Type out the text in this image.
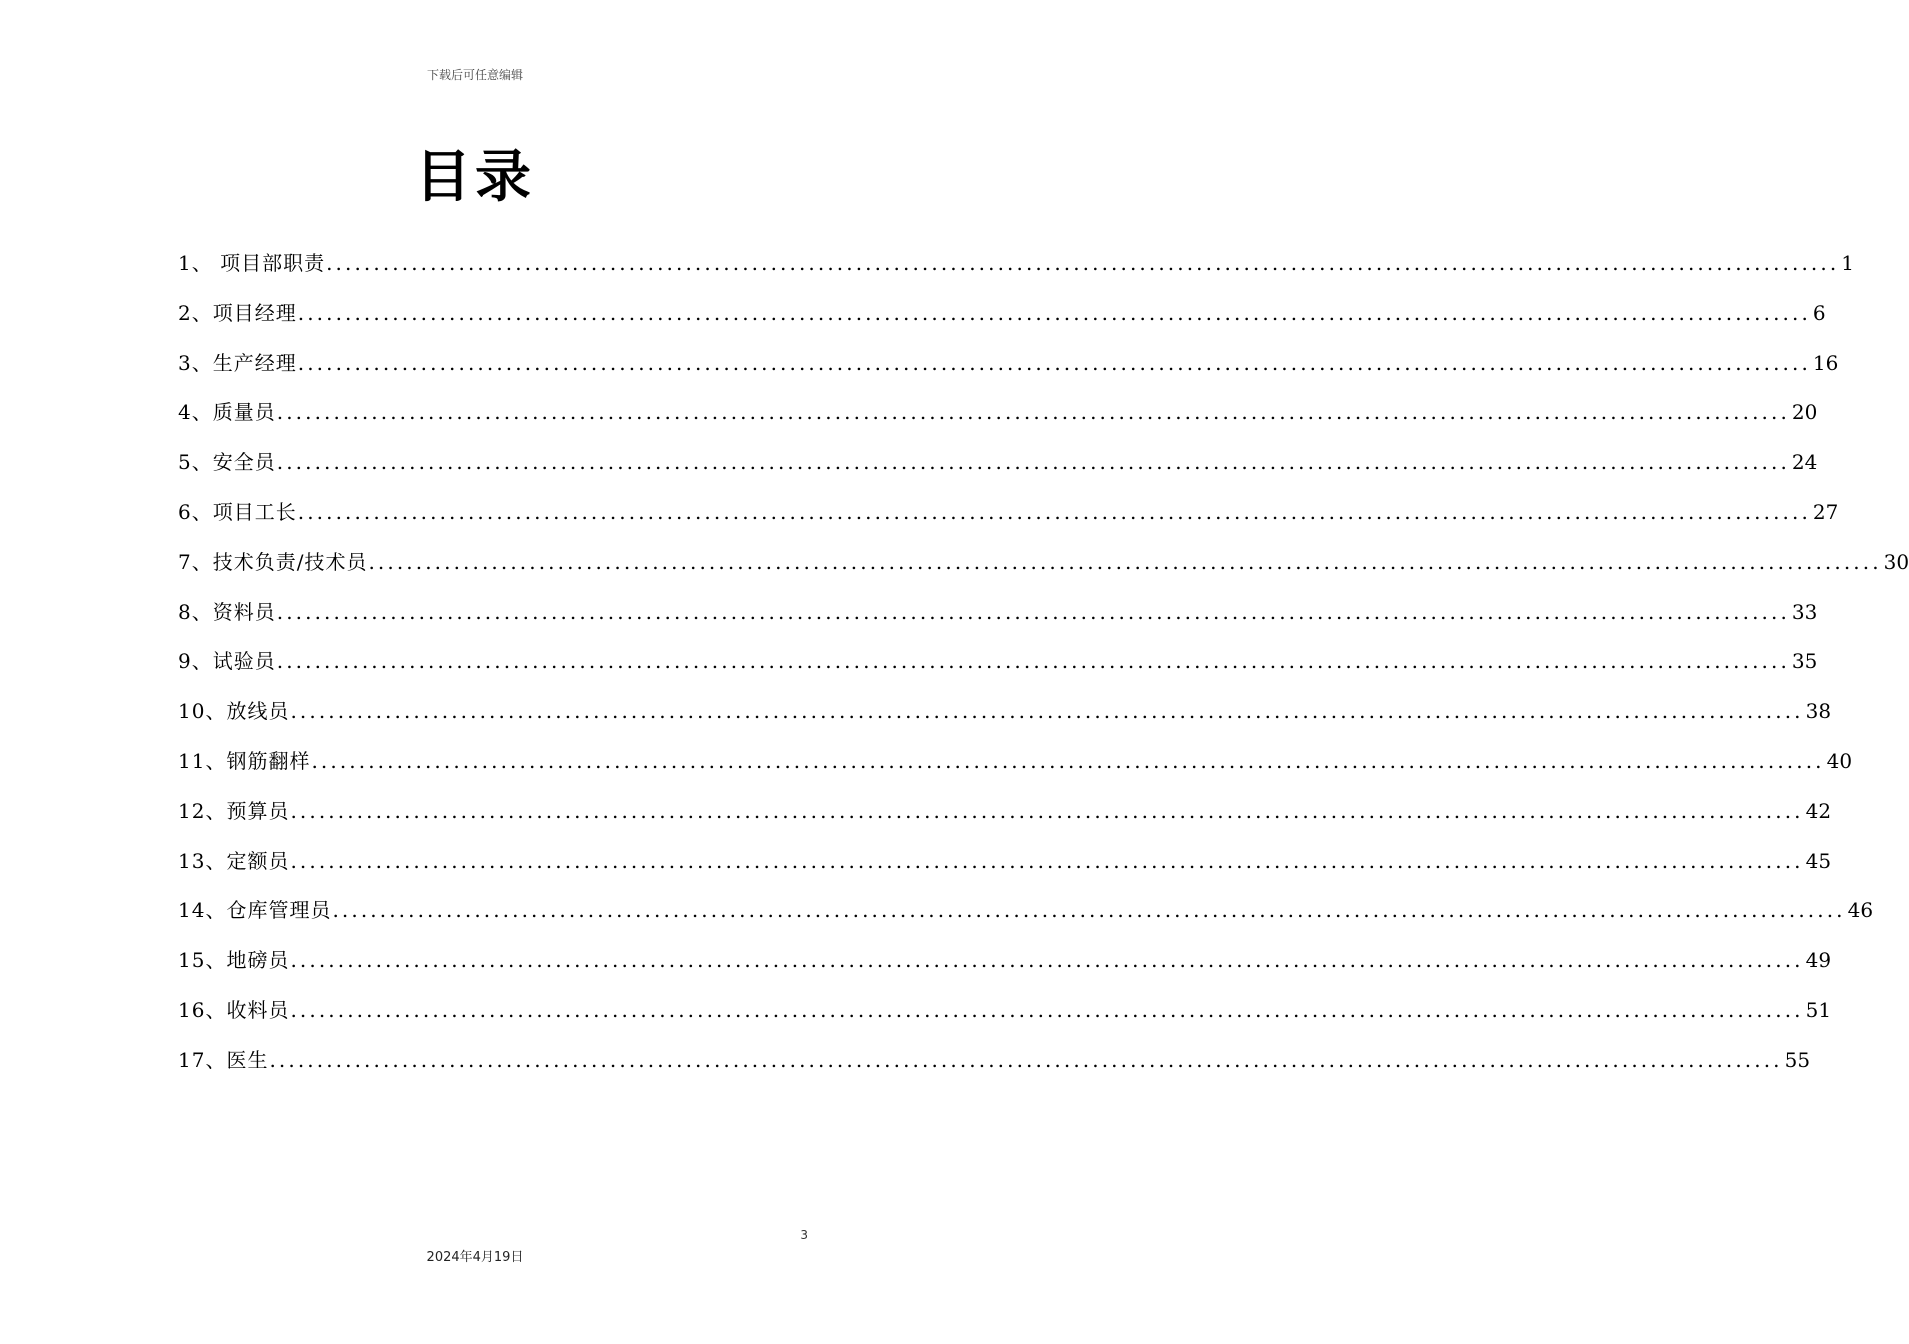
下载后可任意编辑
目录
1、 项目部职责 ................................................................................................................................................................ 1
2、项目经理 ................................................................................................................................................................ 6
3、生产经理 ................................................................................................................................................................ 16
4、质量员 ................................................................................................................................................................ 20
5、安全员 ................................................................................................................................................................ 24
6、项目工长 ................................................................................................................................................................ 27
7、技术负责/技术员 ................................................................................................................................................................ 30
8、资料员 ................................................................................................................................................................ 33
9、试验员 ................................................................................................................................................................ 35
10、放线员 ................................................................................................................................................................ 38
11、钢筋翻样 ................................................................................................................................................................ 40
12、预算员 ................................................................................................................................................................ 42
13、定额员 ................................................................................................................................................................ 45
14、仓库管理员 ................................................................................................................................................................ 46
15、地磅员 ................................................................................................................................................................ 49
16、收料员 ................................................................................................................................................................ 51
17、医生 ................................................................................................................................................................ 55
3
2024年4月19日
